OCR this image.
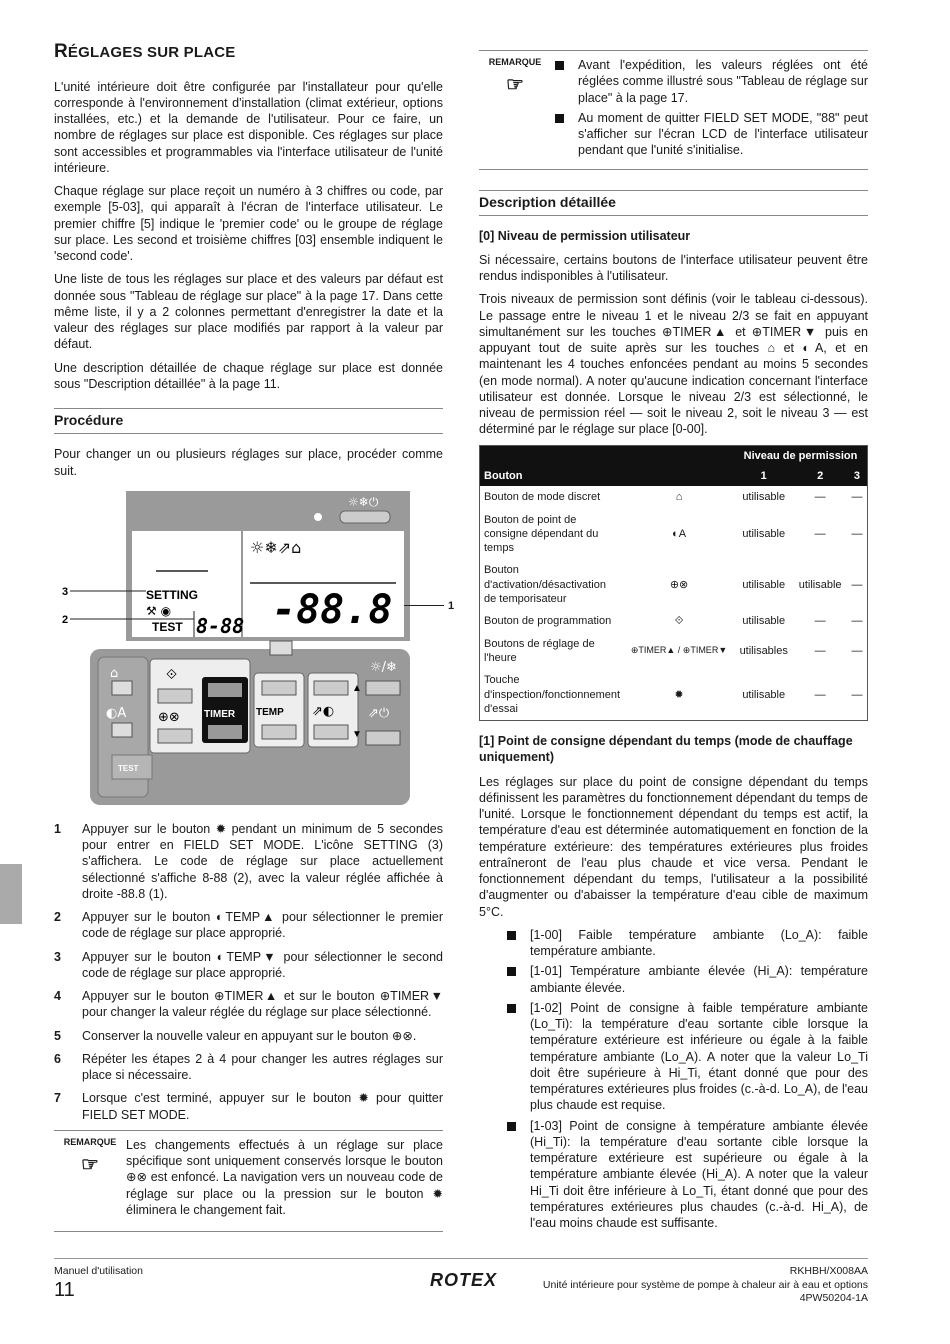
RÉGLAGES SUR PLACE

L'unité intérieure doit être configurée par l'installateur pour qu'elle corresponde à l'environnement d'installation (climat extérieur, options installées, etc.) et la demande de l'utilisateur. Pour ce faire, un nombre de réglages sur place est disponible. Ces réglages sur place sont accessibles et programmables via l'interface utilisateur de l'unité intérieure.

Chaque réglage sur place reçoit un numéro à 3 chiffres ou code, par exemple [5-03], qui apparaît à l'écran de l'interface utilisateur. Le premier chiffre [5] indique le 'premier code' ou le groupe de réglage sur place. Les second et troisième chiffres [03] ensemble indiquent le 'second code'.

Une liste de tous les réglages sur place et des valeurs par défaut est donnée sous "Tableau de réglage sur place" à la page 17. Dans cette même liste, il y a 2 colonnes permettant d'enregistrer la date et la valeur des réglages sur place modifiés par rapport à la valeur par défaut.

Une description détaillée de chaque réglage sur place est donnée sous "Description détaillée" à la page 11.

Procédure

Pour changer un ou plusieurs réglages sur place, procéder comme suit.

☼❄⏻
☼❄⇗⌂
SETTING
⚒ ◉
TEST 8-88 -88.8
3
2
⌂
◐A
TEST
⟐
⊕⊗ TIMER TEMP ⇗◐
▲
▼
☼/❄
⇗⏻
1
1	Appuyer sur le bouton ✹ pendant un minimum de 5 secondes pour entrer en FIELD SET MODE. L'icône SETTING (3) s'affichera. Le code de réglage sur place actuellement sélectionné s'affiche 8-88 (2), avec la valeur réglée affichée à droite -88.8 (1).
2	Appuyer sur le bouton ◐TEMP▲ pour sélectionner le premier code de réglage sur place approprié.
3	Appuyer sur le bouton ◐TEMP▼ pour sélectionner le second code de réglage sur place approprié.
4	Appuyer sur le bouton ⊕TIMER▲ et sur le bouton ⊕TIMER▼ pour changer la valeur réglée du réglage sur place sélectionné.
5	Conserver la nouvelle valeur en appuyant sur le bouton ⊕⊗.
6	Répéter les étapes 2 à 4 pour changer les autres réglages sur place si nécessaire.
7	Lorsque c'est terminé, appuyer sur le bouton ✹ pour quitter FIELD SET MODE.
REMARQUE
☞

Les changements effectués à un réglage sur place spécifique sont uniquement conservés lorsque le bouton ⊕⊗ est enfoncé. La navigation vers un nouveau code de réglage sur place ou la pression sur le bouton ✹ éliminera le changement fait.

REMARQUE
☞
Avant l'expédition, les valeurs réglées ont été réglées comme illustré sous "Tableau de réglage sur place" à la page 17.
Au moment de quitter FIELD SET MODE, "88" peut s'afficher sur l'écran LCD de l'interface utilisateur pendant que l'unité s'initialise.
Description détaillée
[0] Niveau de permission utilisateur

Si nécessaire, certains boutons de l'interface utilisateur peuvent être rendus indisponibles à l'utilisateur.

Trois niveaux de permission sont définis (voir le tableau ci-dessous). Le passage entre le niveau 1 et le niveau 2/3 se fait en appuyant simultanément sur les touches ⊕TIMER▲ et ⊕TIMER▼ puis en appuyant tout de suite après sur les touches ⌂ et ◐A, et en maintenant les 4 touches enfoncées pendant au moins 5 secondes (en mode normal). A noter qu'aucune indication concernant l'interface utilisateur est donnée. Lorsque le niveau 2/3 est sélectionné, le niveau de permission réel — soit le niveau 2, soit le niveau 3 — est déterminé par le réglage sur place [0-00].

		Niveau de permission		
Bouton		1	2	3
Bouton de mode discret	⌂	utilisable	—	—
Bouton de point de consigne dépendant du temps	◐A	utilisable	—	—
Bouton d'activation/désactivation de temporisateur	⊕⊗	utilisable	utilisable	—
Bouton de programmation	⟐	utilisable	—	—
Boutons de réglage de l'heure	⊕TIMER▲ / ⊕TIMER▼	utilisables	—	—
Touche d'inspection/fonctionnement d'essai	✹	utilisable	—	—
[1] Point de consigne dépendant du temps (mode de chauffage uniquement)

Les réglages sur place du point de consigne dépendant du temps définissent les paramètres du fonctionnement dépendant du temps de l'unité. Lorsque le fonctionnement dépendant du temps est actif, la température d'eau est déterminée automatiquement en fonction de la température extérieure: des températures extérieures plus froides entraîneront de l'eau plus chaude et vice versa. Pendant le fonctionnement dépendant du temps, l'utilisateur a la possibilité d'augmenter ou d'abaisser la température d'eau cible de maximum 5°C.

[1-00] Faible température ambiante (Lo_A): faible température ambiante.
[1-01] Température ambiante élevée (Hi_A): température ambiante élevée.
[1-02] Point de consigne à faible température ambiante (Lo_Ti): la température d'eau sortante cible lorsque la température extérieure est inférieure ou égale à la faible température ambiante (Lo_A). A noter que la valeur Lo_Ti doit être supérieure à Hi_Ti, étant donné que pour des températures extérieures plus froides (c.-à-d. Lo_A), de l'eau plus chaude est requise.
[1-03] Point de consigne à température ambiante élevée (Hi_Ti): la température d'eau sortante cible lorsque la température extérieure est supérieure ou égale à la température ambiante élevée (Hi_A). A noter que la valeur Hi_Ti doit être inférieure à Lo_Ti, étant donné que pour des températures extérieures plus chaudes (c.-à-d. Hi_A), de l'eau moins chaude est suffisante.
Manuel d'utilisation
11	ROTEX	RKHBH/X008AA
Unité intérieure pour système de pompe à chaleur air à eau et options
4PW50204-1A
